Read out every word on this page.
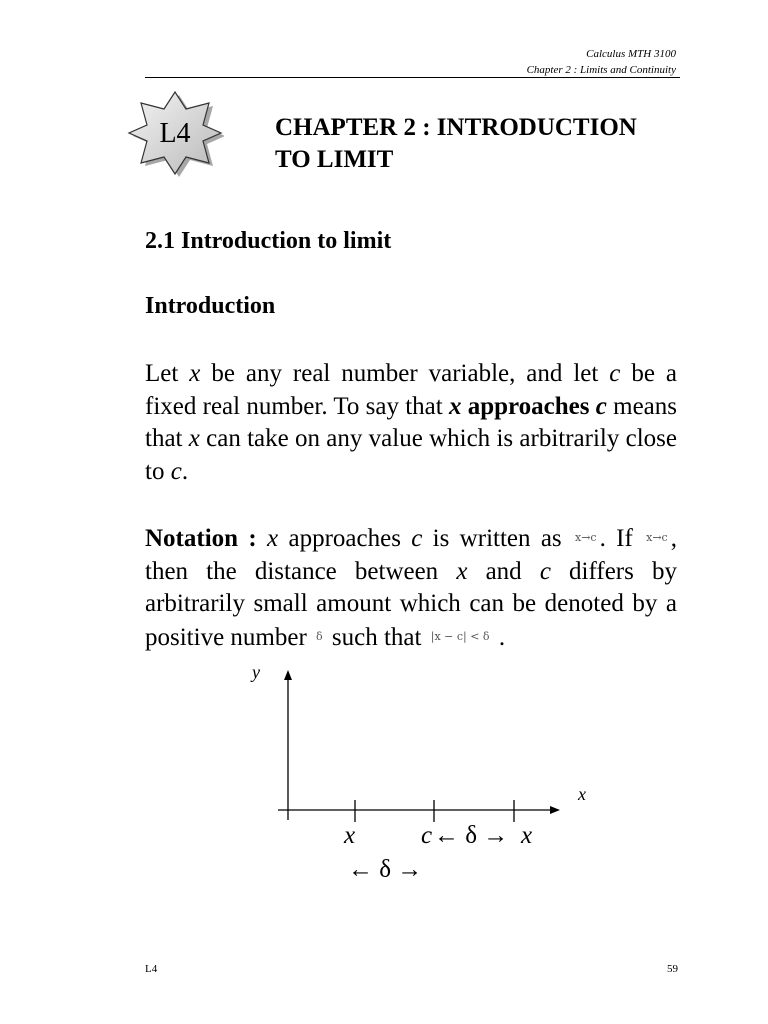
Calculus MTH 3100
Chapter 2 : Limits and Continuity
L4	CHAPTER 2 : INTRODUCTION
TO LIMIT
2.1 Introduction to limit
Introduction

Let x be any real number variable, and let c be a fixed real number. To say that x approaches c means that x can take on any value which is arbitrarily close to c.

Notation : x approaches c is written as $^{x\to c}$ . If $^{x\to c}$ , then the distance between x and c differs by arbitrarily small amount which can be denoted by a positive number $^\delta$ such that $^{|x - c| < \delta}$ .

y
x
x	c ← δ → x
← δ →
L4	59
